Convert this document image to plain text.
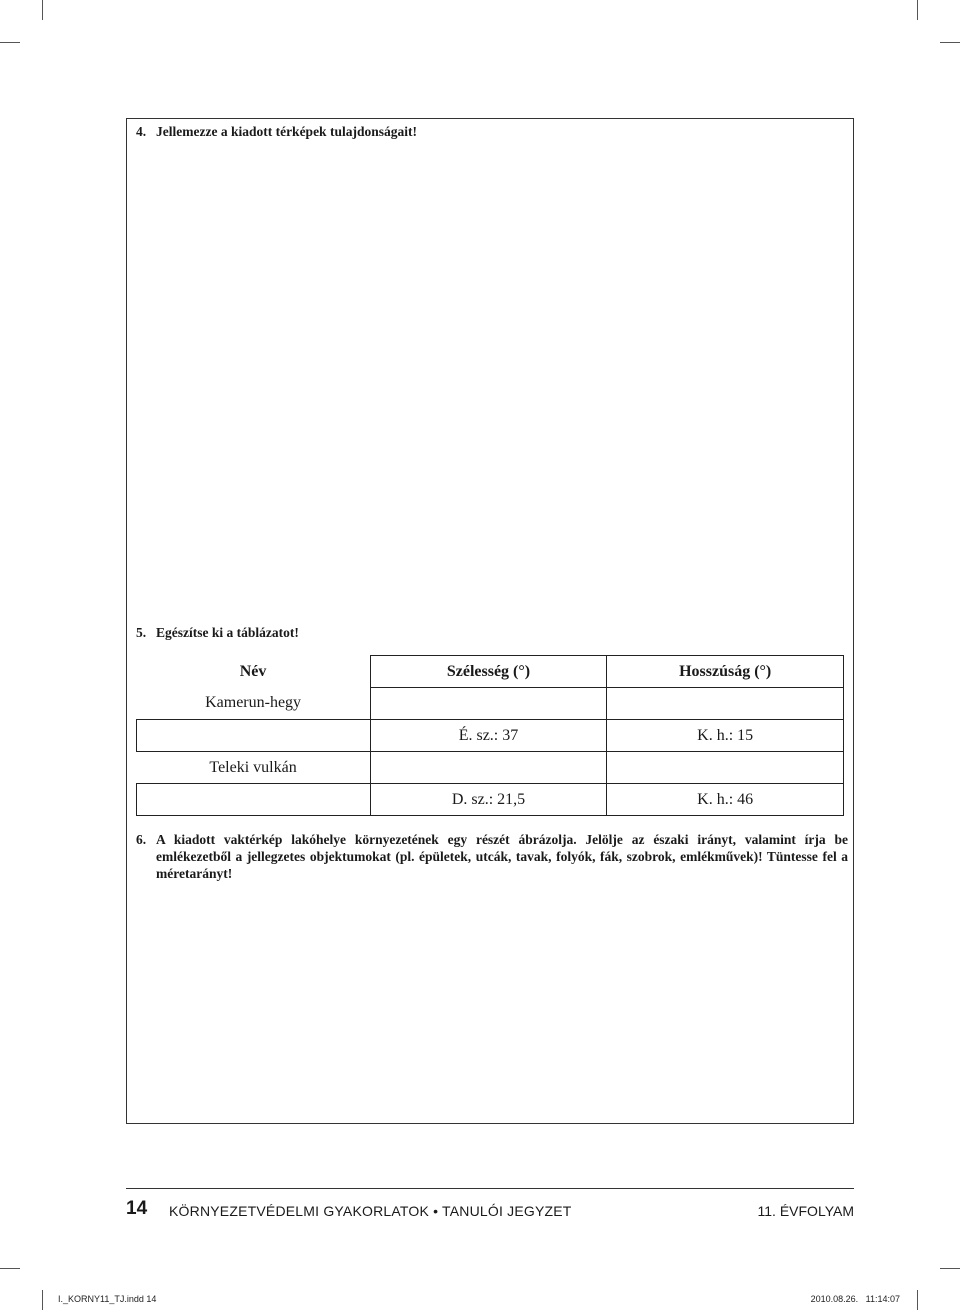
4. Jellemezze a kiadott térképek tulajdonságait!
5. Egészítse ki a táblázatot!
Név	Szélesség (°)	Hosszúság (°)
Kamerun-hegy		
	É. sz.: 37	K. h.: 15
Teleki vulkán		
	D. sz.: 21,5	K. h.: 46
6. A kiadott vaktérkép lakóhelye környezetének egy részét ábrázolja. Jelölje az északi irányt, valamint írja be emlékezetből a jellegzetes objektumokat (pl. épületek, utcák, tavak, folyók, fák, szobrok, emlékművek)! Tüntesse fel a méretarányt!
14 KÖRNYEZETVÉDELMI GYAKORLATOK • TANULÓI JEGYZET	11. ÉVFOLYAM
I._KORNY11_TJ.indd 14	2010.08.26.   11:14:07
